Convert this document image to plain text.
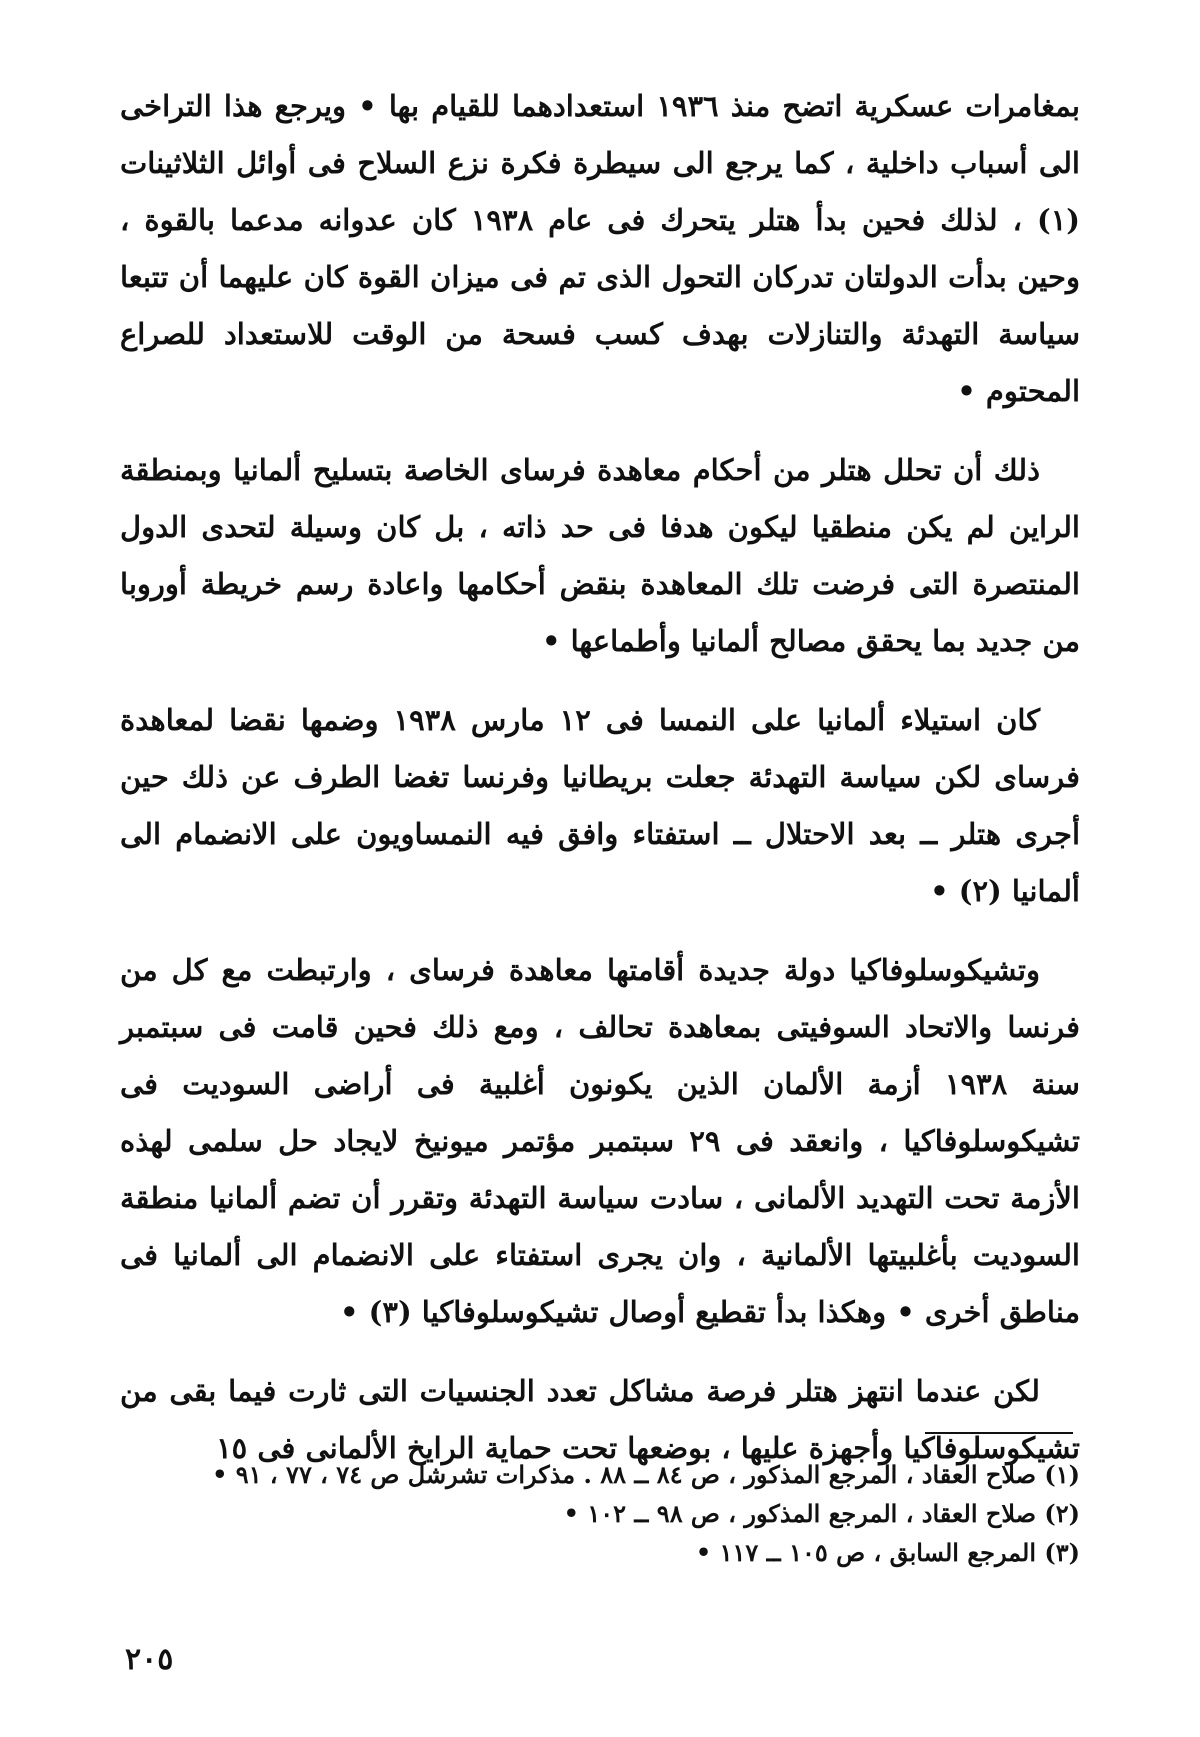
بمغامرات عسكرية اتضح منذ ١٩٣٦ استعدادهما للقيام بها • ويرجع هذا التراخى الى أسباب داخلية ، كما يرجع الى سيطرة فكرة نزع السلاح فى أوائل الثلاثينات (١) ، لذلك فحين بدأ هتلر يتحرك فى عام ١٩٣٨ كان عدوانه مدعما بالقوة ، وحين بدأت الدولتان تدركان التحول الذى تم فى ميزان القوة كان عليهما أن تتبعا سياسة التهدئة والتنازلات بهدف كسب فسحة من الوقت للاستعداد للصراع المحتوم •

ذلك أن تحلل هتلر من أحكام معاهدة فرساى الخاصة بتسليح ألمانيا وبمنطقة الراين لم يكن منطقيا ليكون هدفا فى حد ذاته ، بل كان وسيلة لتحدى الدول المنتصرة التى فرضت تلك المعاهدة بنقض أحكامها واعادة رسم خريطة أوروبا من جديد بما يحقق مصالح ألمانيا وأطماعها •

كان استيلاء ألمانيا على النمسا فى ١٢ مارس ١٩٣٨ وضمها نقضا لمعاهدة فرساى لكن سياسة التهدئة جعلت بريطانيا وفرنسا تغضا الطرف عن ذلك حين أجرى هتلر ــ بعد الاحتلال ــ استفتاء وافق فيه النمساويون على الانضمام الى ألمانيا (٢) •

وتشيكوسلوفاكيا دولة جديدة أقامتها معاهدة فرساى ، وارتبطت مع كل من فرنسا والاتحاد السوفيتى بمعاهدة تحالف ، ومع ذلك فحين قامت فى سبتمبر سنة ١٩٣٨ أزمة الألمان الذين يكونون أغلبية فى أراضى السوديت فى تشيكوسلوفاكيا ، وانعقد فى ٢٩ سبتمبر مؤتمر ميونيخ لايجاد حل سلمى لهذه الأزمة تحت التهديد الألمانى ، سادت سياسة التهدئة وتقرر أن تضم ألمانيا منطقة السوديت بأغلبيتها الألمانية ، وان يجرى استفتاء على الانضمام الى ألمانيا فى مناطق أخرى • وهكذا بدأ تقطيع أوصال تشيكوسلوفاكيا (٣) •

لكن عندما انتهز هتلر فرصة مشاكل تعدد الجنسيات التى ثارت فيما بقى من تشيكوسلوفاكيا وأجهزة عليها ، بوضعها تحت حماية الرايخ الألمانى فى ١٥

(١) صلاح العقاد ، المرجع المذكور ، ص ٨٤ ــ ٨٨ . مذكرات تشرشل ص ٧٤ ، ٧٧ ، ٩١ •

(٢) صلاح العقاد ، المرجع المذكور ، ص ٩٨ ــ ١٠٢ •

(٣) المرجع السابق ، ص ١٠٥ ــ ١١٧ •

٢٠٥
